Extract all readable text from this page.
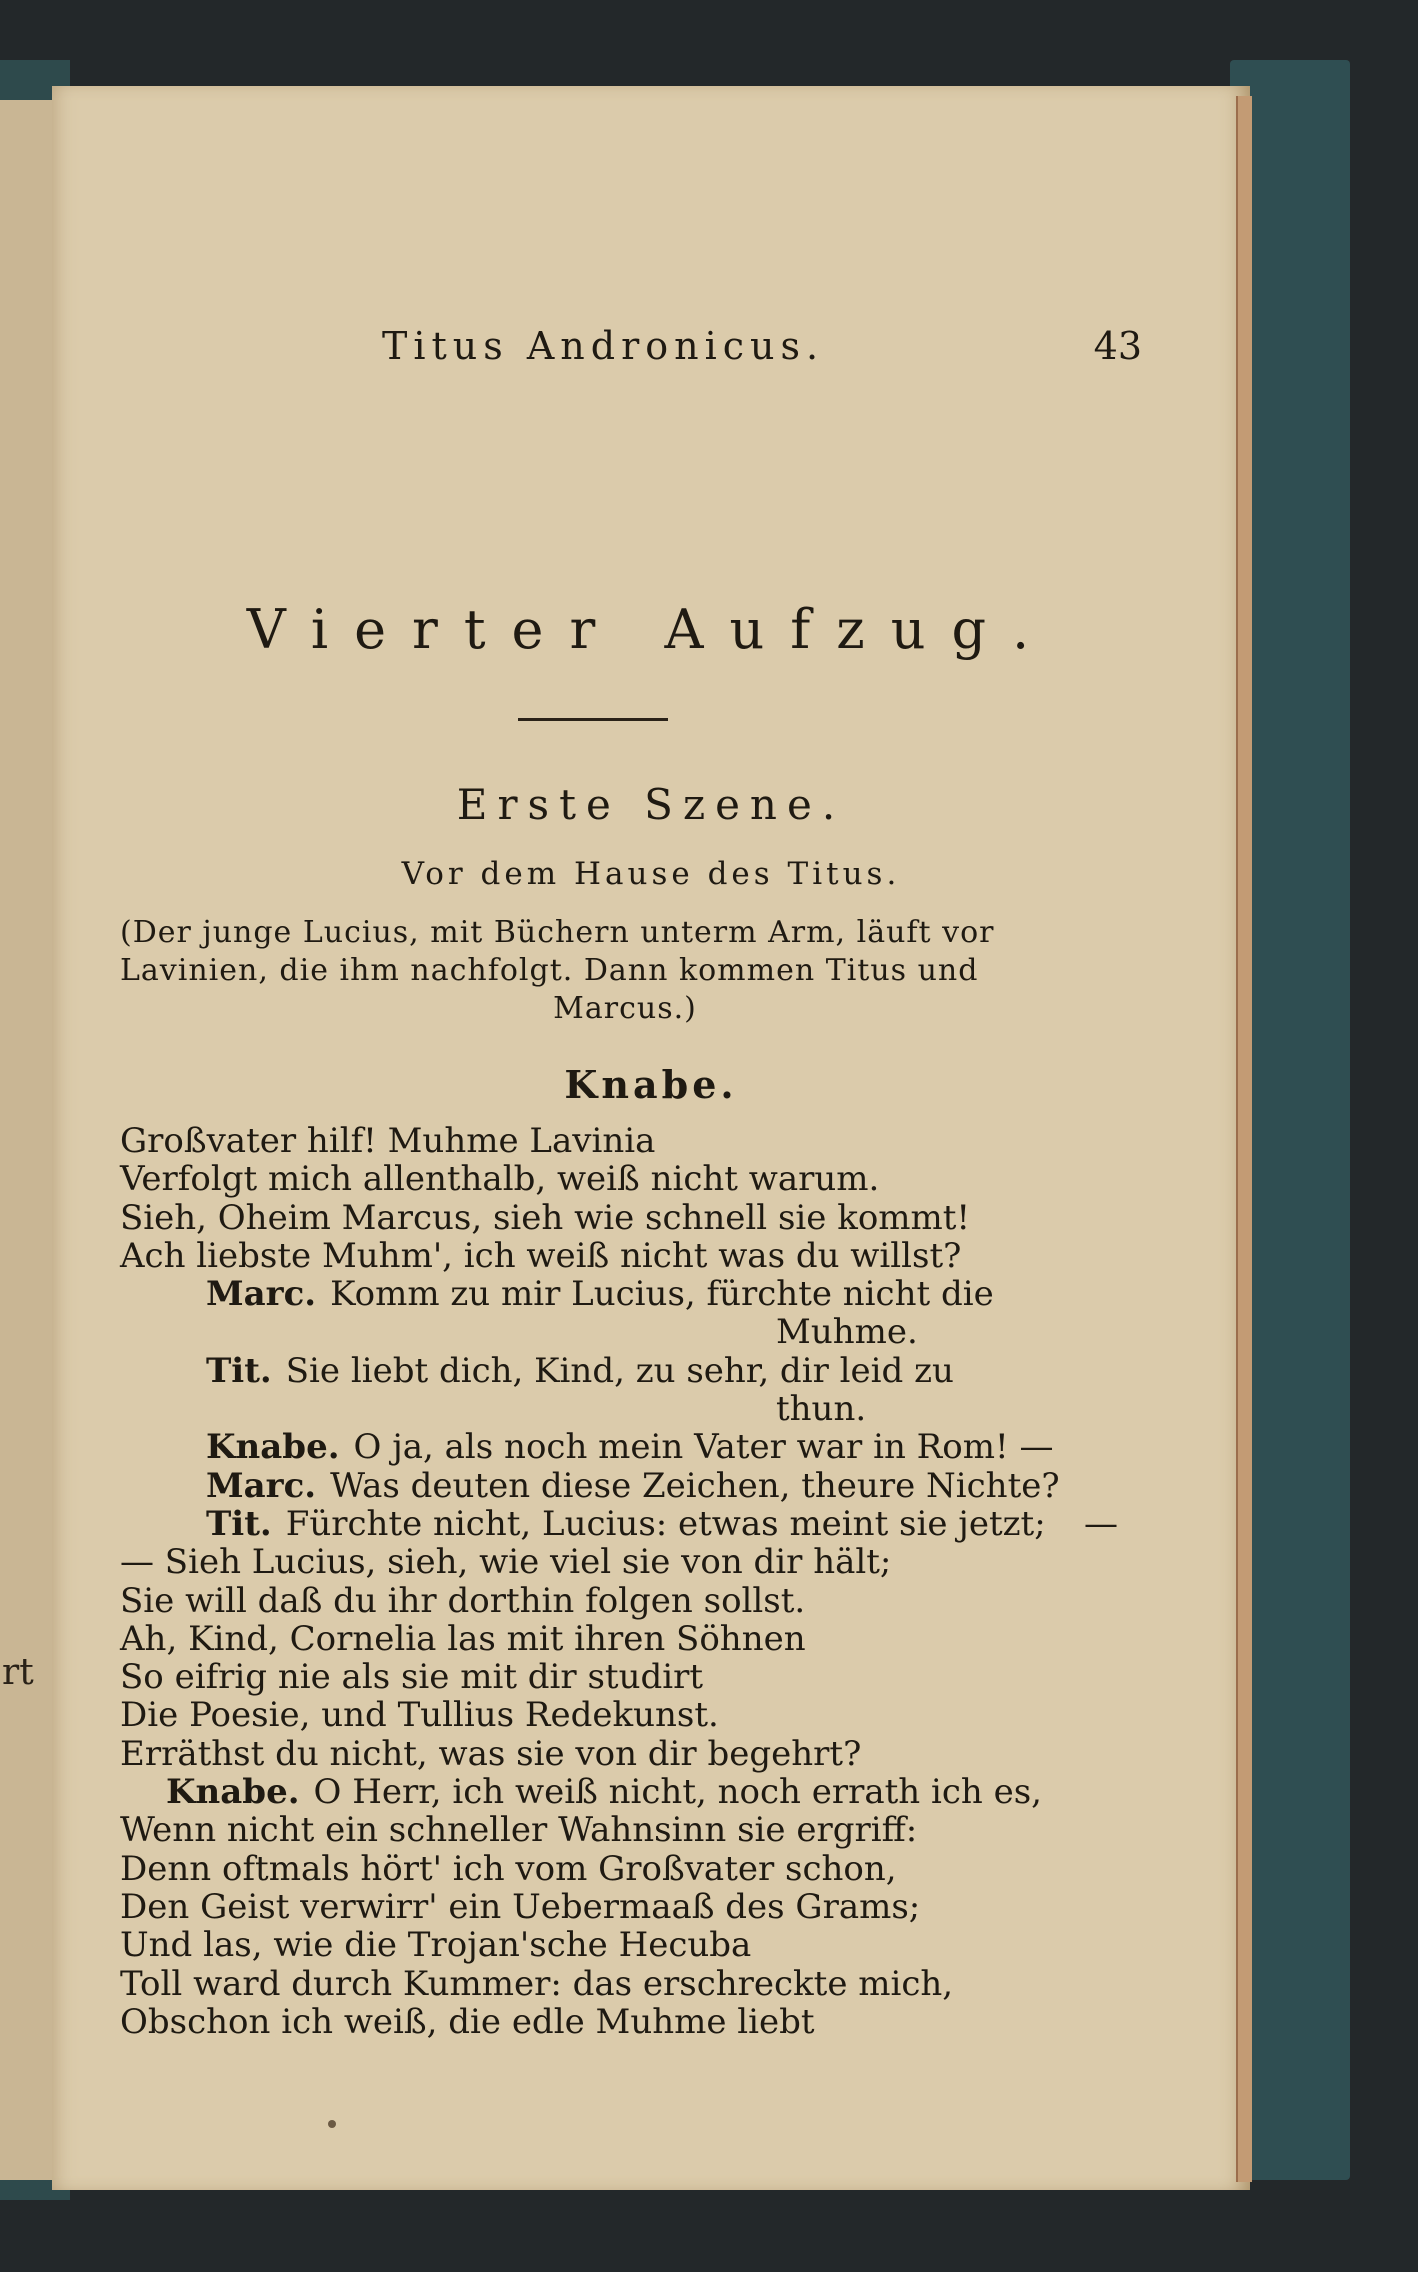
rt
Titus Andronicus.	43
Vierter Aufzug.
Erste Szene.
Vor dem Hause des Titus.
(Der junge Lucius, mit Büchern unterm Arm, läuft vor
Lavinien, die ihm nachfolgt. Dann kommen Titus und
Marcus.)
Knabe.
Großvater hilf! Muhme Lavinia
Verfolgt mich allenthalb, weiß nicht warum.
Sieh, Oheim Marcus, sieh wie schnell sie kommt!
Ach liebste Muhm', ich weiß nicht was du willst?
Marc. Komm zu mir Lucius, fürchte nicht die
Muhme.
Tit. Sie liebt dich, Kind, zu sehr, dir leid zu
thun.
Knabe. O ja, als noch mein Vater war in Rom! —
Marc. Was deuten diese Zeichen, theure Nichte?
Tit. Fürchte nicht, Lucius: etwas meint sie jetzt; —
— Sieh Lucius, sieh, wie viel sie von dir hält;
Sie will daß du ihr dorthin folgen sollst.
Ah, Kind, Cornelia las mit ihren Söhnen
So eifrig nie als sie mit dir studirt
Die Poesie, und Tullius Redekunst.
Erräthst du nicht, was sie von dir begehrt?
Knabe. O Herr, ich weiß nicht, noch errath ich es,
Wenn nicht ein schneller Wahnsinn sie ergriff:
Denn oftmals hört' ich vom Großvater schon,
Den Geist verwirr' ein Uebermaaß des Grams;
Und las, wie die Trojan'sche Hecuba
Toll ward durch Kummer: das erschreckte mich,
Obschon ich weiß, die edle Muhme liebt
